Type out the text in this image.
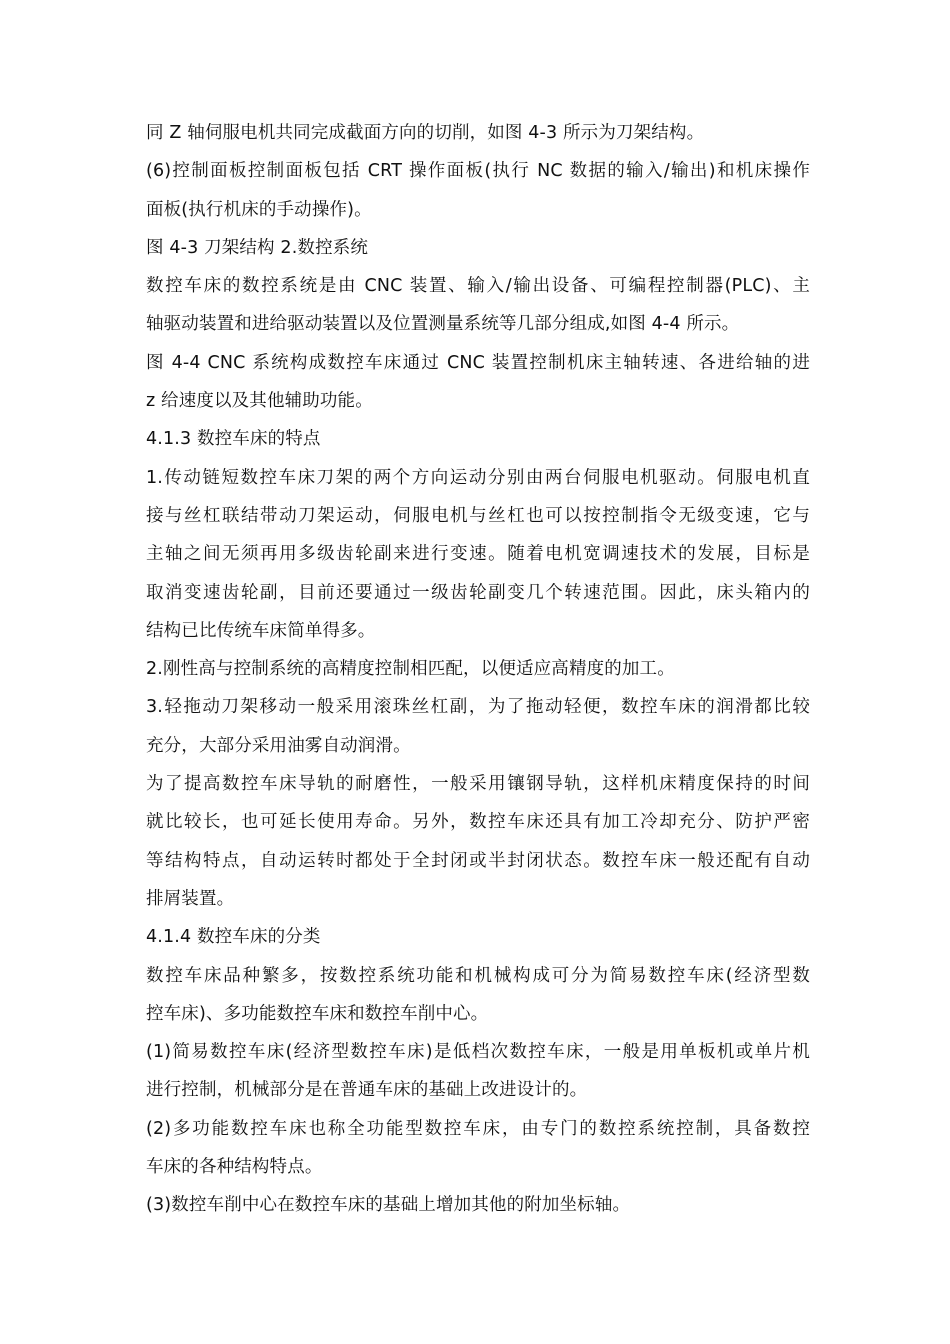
同 Z 轴伺服电机共同完成截面方向的切削，如图 4-3 所示为刀架结构。
(6)控制面板控制面板包括 CRT 操作面板(执行 NC 数据的输入/输出)和机床操作
面板(执行机床的手动操作)。
图 4-3 刀架结构 2.数控系统
数控车床的数控系统是由 CNC 装置、输入/输出设备、可编程控制器(PLC)、主
轴驱动装置和进给驱动装置以及位置测量系统等几部分组成,如图 4-4 所示。
图 4-4 CNC 系统构成数控车床通过 CNC 装置控制机床主轴转速、各进给轴的进
z 给速度以及其他辅助功能。
4.1.3 数控车床的特点
1.传动链短数控车床刀架的两个方向运动分别由两台伺服电机驱动。伺服电机直
接与丝杠联结带动刀架运动，伺服电机与丝杠也可以按控制指令无级变速，它与
主轴之间无须再用多级齿轮副来进行变速。随着电机宽调速技术的发展，目标是
取消变速齿轮副，目前还要通过一级齿轮副变几个转速范围。因此，床头箱内的
结构已比传统车床简单得多。
2.刚性高与控制系统的高精度控制相匹配，以便适应高精度的加工。
3.轻拖动刀架移动一般采用滚珠丝杠副，为了拖动轻便，数控车床的润滑都比较
充分，大部分采用油雾自动润滑。
为了提高数控车床导轨的耐磨性，一般采用镶钢导轨，这样机床精度保持的时间
就比较长，也可延长使用寿命。另外，数控车床还具有加工冷却充分、防护严密
等结构特点，自动运转时都处于全封闭或半封闭状态。数控车床一般还配有自动
排屑装置。
4.1.4 数控车床的分类
数控车床品种繁多，按数控系统功能和机械构成可分为简易数控车床(经济型数
控车床)、多功能数控车床和数控车削中心。
(1)简易数控车床(经济型数控车床)是低档次数控车床，一般是用单板机或单片机
进行控制，机械部分是在普通车床的基础上改进设计的。
(2)多功能数控车床也称全功能型数控车床，由专门的数控系统控制，具备数控
车床的各种结构特点。
(3)数控车削中心在数控车床的基础上增加其他的附加坐标轴。
